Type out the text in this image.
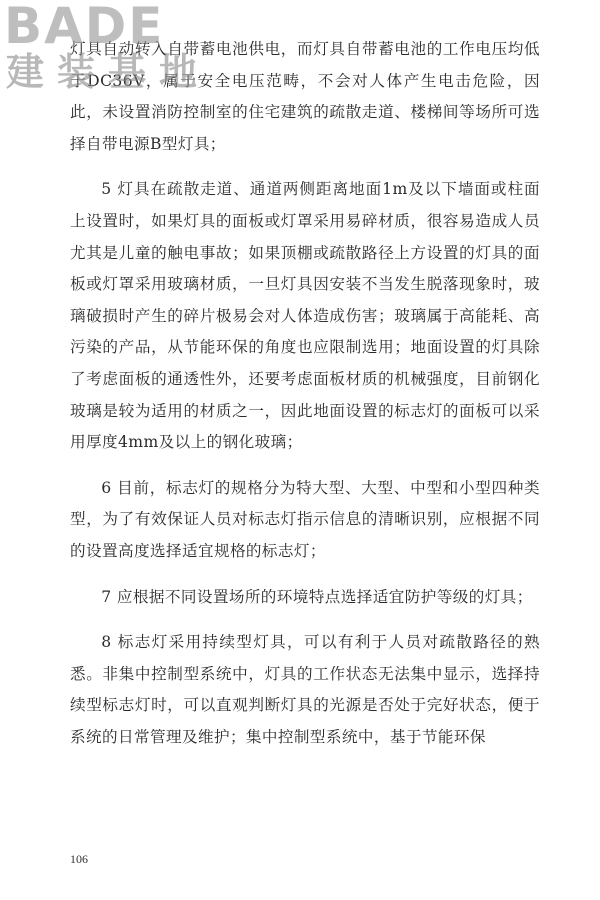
BADE
建装基地

灯具自动转入自带蓄电池供电，而灯具自带蓄电池的工作电压均低于DC36V，属于安全电压范畴，不会对人体产生电击危险，因此，未设置消防控制室的住宅建筑的疏散走道、楼梯间等场所可选择自带电源B型灯具；

5 灯具在疏散走道、通道两侧距离地面1m及以下墙面或柱面上设置时，如果灯具的面板或灯罩采用易碎材质，很容易造成人员尤其是儿童的触电事故；如果顶棚或疏散路径上方设置的灯具的面板或灯罩采用玻璃材质，一旦灯具因安装不当发生脱落现象时，玻璃破损时产生的碎片极易会对人体造成伤害；玻璃属于高能耗、高污染的产品，从节能环保的角度也应限制选用；地面设置的灯具除了考虑面板的通透性外，还要考虑面板材质的机械强度，目前钢化玻璃是较为适用的材质之一，因此地面设置的标志灯的面板可以采用厚度4mm及以上的钢化玻璃；

6 目前，标志灯的规格分为特大型、大型、中型和小型四种类型，为了有效保证人员对标志灯指示信息的清晰识别，应根据不同的设置高度选择适宜规格的标志灯；

7 应根据不同设置场所的环境特点选择适宜防护等级的灯具；

8 标志灯采用持续型灯具，可以有利于人员对疏散路径的熟悉。非集中控制型系统中，灯具的工作状态无法集中显示，选择持续型标志灯时，可以直观判断灯具的光源是否处于完好状态，便于系统的日常管理及维护；集中控制型系统中，基于节能环保

106
